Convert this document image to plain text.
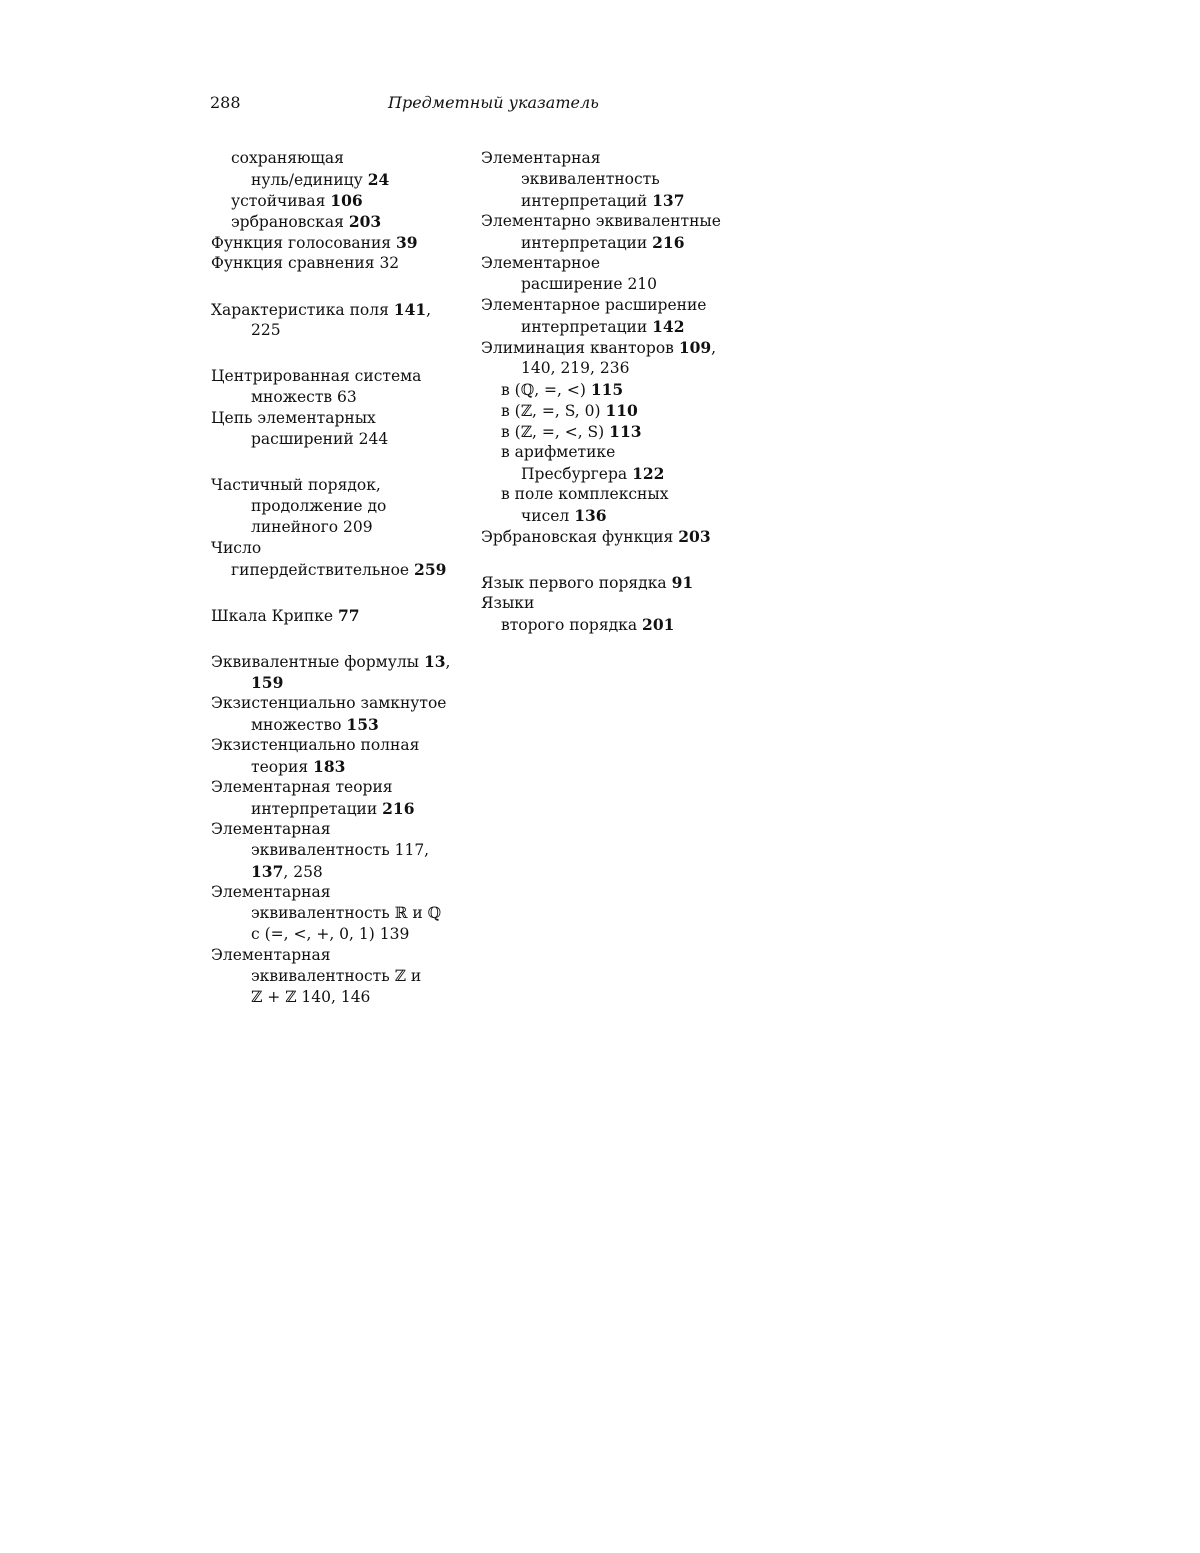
288	Предметный указатель
сохраняющая
нуль/единицу 24
устойчивая 106
эрбрановская 203
Функция голосования 39
Функция сравнения 32
Характеристика поля 141,
225
Центрированная система
множеств 63
Цепь элементарных
расширений 244
Частичный порядок,
продолжение до
линейного 209
Число
гипердействительное 259
Шкала Крипке 77
Эквивалентные формулы 13,
159
Экзистенциально замкнутое
множество 153
Экзистенциально полная
теория 183
Элементарная теория
интерпретации 216
Элементарная
эквивалентность 117,
137, 258
Элементарная
эквивалентность ℝ и ℚ
с (=, <, +, 0, 1) 139
Элементарная
эквивалентность ℤ и
ℤ + ℤ 140, 146
Элементарная
эквивалентность
интерпретаций 137
Элементарно эквивалентные
интерпретации 216
Элементарное
расширение 210
Элементарное расширение
интерпретации 142
Элиминация кванторов 109,
140, 219, 236
в (ℚ, =, <) 115
в (ℤ, =, S, 0) 110
в (ℤ, =, <, S) 113
в арифметике
Пресбургера 122
в поле комплексных
чисел 136
Эрбрановская функция 203
Язык первого порядка 91
Языки
второго порядка 201
